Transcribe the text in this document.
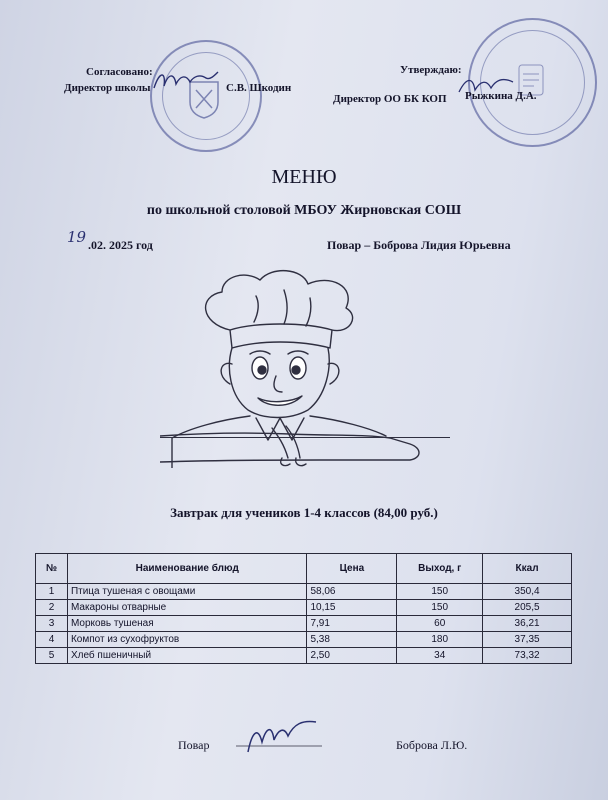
Согласовано:
Директор школы	С.В. Шкодин
Утверждаю:
Директор ОО БК КОП Рыжкина Д.А.
МЕНЮ
по школьной столовой МБОУ Жирновская СОШ
19 .02. 2025 год	Повар – Боброва Лидия Юрьевна
Завтрак для учеников 1-4 классов (84,00 руб.)
№	Наименование блюд	Цена	Выход, г	Ккал
1	Птица тушеная с овощами	58,06	150	350,4
2	Макароны отварные	10,15	150	205,5
3	Морковь тушеная	7,91	60	36,21
4	Компот из сухофруктов	5,38	180	37,35
5	Хлеб пшеничный	2,50	34	73,32
Повар	Боброва Л.Ю.
